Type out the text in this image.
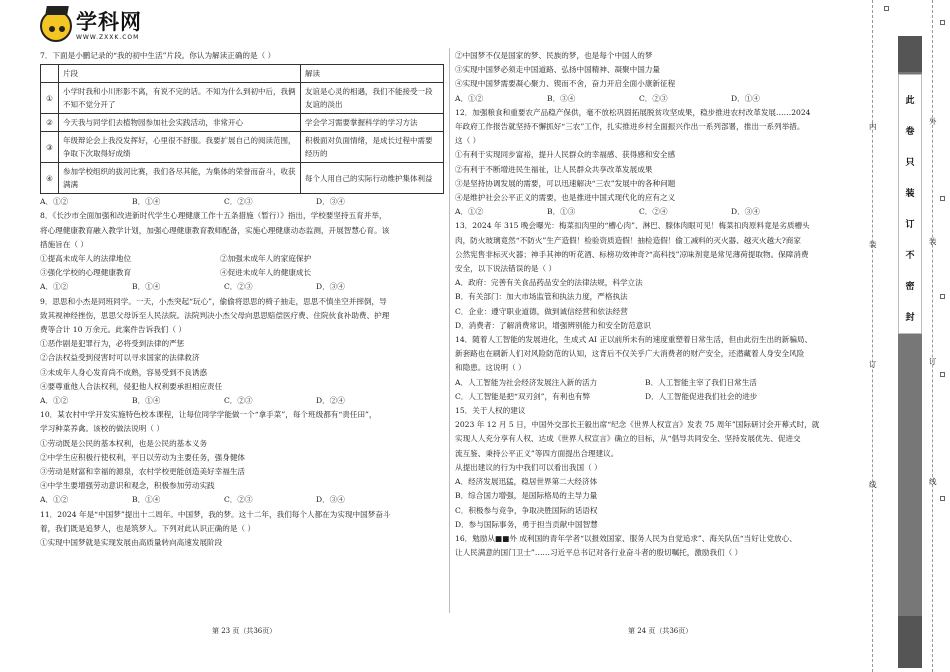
学科网
WWW.ZXXK.COM
7．下面是小鹏记录的“我的初中生活”片段。你认为解读正确的是（ ）
	片段	解读
①	小学时我和小川形影不离，有说不完的话。不知为什么到初中后，我俩不知不觉分开了	友谊是心灵的相遇，我们不能接受一段友谊的淡出
②	今天我与同学们去植物园参加社会实践活动，非常开心	学会学习需要掌握科学的学习方法
③	年级辩论会上我没发挥好，心里很不舒服。我要扩展自己的阅读范围，争取下次取得好成绩	积极面对负面情绪，是成长过程中需要经历的
④	参加学校组织的拔河比赛，我们各尽其能，为集体的荣誉而奋斗，收获满满	每个人用自己的实际行动维护集体利益
A．①②	B．①④	C．②③	D．③④
8．《长沙市全面加强和改进新时代学生心理健康工作十五条措施（暂行）》指出，学校要坚持五育并举，
将心理健康教育融入教学计划，加强心理健康教育教师配备，实施心理健康动态监测，开展智慧心育。该
措施旨在（ ）
①提高未成年人的法律地位	②加强未成年人的家庭保护
③强化学校的心理健康教育	④促进未成年人的健康成长
A．①②	B．①④	C．②③	D．③④
9．思思和小杰是同班同学。一天，小杰突起“玩心”，偷偷将思思的椅子抽走，思思不慎坐空并摔倒，导
致其视神经挫伤，思思父母诉至人民法院。法院判决小杰父母向思思赔偿医疗费、住院伙食补助费、护理
费等合计 10 万余元。此案件告诉我们（ ）
①恶作剧是犯罪行为，必将受到法律的严惩
②合法权益受到侵害时可以寻求国家的法律救济
③未成年人身心发育尚不成熟，容易受到不良诱惑
④要尊重他人合法权利，侵犯他人权利要承担相应责任
A．①②	B．①④	C．②③	D．②④
10．某农村中学开发实施特色校本课程，让每位同学学能做一个“拿手菜”，每个班级都有“责任田”，
学习种菜养禽。该校的做法说明（ ）
①劳动既是公民的基本权利，也是公民的基本义务
②中学生应积极行使权利，平日以劳动为主要任务，强身健体
③劳动是财富和幸福的源泉，农村学校更能创造美好幸福生活
④中学生要增强劳动意识和观念，积极参加劳动实践
A．①②	B．①④	C．②③	D．③④
11．2024 年是“中国梦”提出十二周年。中国梦，我的梦。这十二年，我们每个人都在为实现中国梦奋斗
着，我们既是追梦人，也是筑梦人。下列对此认识正确的是（ ）
①实现中国梦就是实现发展由高质量转向高速发展阶段
②中国梦不仅是国家的梦、民族的梦，也是每个中国人的梦
③实现中国梦必须走中国道路、弘扬中国精神、凝聚中国力量
④实现中国梦需要凝心聚力、锲而不舍，奋力开启全面小康新征程
A．①②	B．③④	C．②③	D．①④
12．加强粮食和重要农产品稳产保供，毫不放松巩固拓展脱贫攻坚成果，稳步推进农村改革发展……2024
年政府工作报告就坚持不懈抓好“三农”工作，扎实推进乡村全面振兴作出一系列部署，推出一系列举措。
这（ ）
①有利于实现同步富裕，提升人民群众的幸福感、获得感和安全感
②有利于不断增进民生福祉，让人民群众共享改革发展成果
③是坚持协调发展的需要，可以迅速解决“三农”发展中的各种问题
④是维护社会公平正义的需要，也是推进中国式现代化的应有之义
A．①②	B．①③	C．②④	D．③④
13．2024 年 315 晚会曝光：梅菜扣肉里的“槽心肉”、淋巴、腺体肉眼可见！梅菜扣肉原料竟是劣质槽头
肉，防火玻璃竟然“不防火”生产造假！检验资质造假！抽检造假！偷工减料的灭火器、越灭火越大?商家
公然宪售非标灭火器；神手其神的听花酒、标榜功效神奇?“高科技”凉味剂竟是常见薄荷提取物。保障消费
安全，以下说法错误的是（ ）
A．政府：完善有关食品药品安全的法律法规，科学立法
B．有关部门：加大市场监管和执法力度，严格执法
C．企业：遵守职业道德，做到诚信经营和依法经营
D．消费者：了解消费常识，增强辨别能力和安全防范意识
14．随着人工智能的发展进化，生成式 AI 正以前所未有的速度重塑着日常生活，但由此衍生出的新骗局、
新套路也在刷新人们对风险防范的认知，这背后不仅关乎广大消费者的财产安全，还潜藏着人身安全风险
和隐患。这说明（ ）
A．人工智能为社会经济发展注入新的活力	B．人工智能主宰了我们日常生活
C．人工智能是把“双刃剑”，有利也有弊	D．人工智能促进我们社会的进步
15．关于人权的建议
2023 年 12 月 5 日，中国外交部长王毅出席“纪念《世界人权宣言》发表 75 周年”国际研讨会开幕式时，就
实现人人充分享有人权、达成《世界人权宣言》确立的目标，从“倡导共同安全、坚持发展优先、促进交
流互鉴、秉持公平正义”等四方面提出合理建议。
从提出建议的行为中我们可以看出我国（ ）
A．经济发展迅猛，稳居世界第二大经济体
B．综合国力增强，是国际格局的主导力量
C．积极参与竞争，争取决胜国际的话语权
D．参与国际事务，勇于担当贡献中国智慧
16．勉励从■■外 成利国的青年学者“以报效国家、服务人民为自觉追求”、海关队伍“当好让党放心、
让人民满意的国门卫士”……习近平总书记对各行业奋斗者的殷切嘱托，激励我们（ ）
第 23 页（共36页）	第 24 页（共36页）
内
装
订
线
外
装
订
线
此
卷
只
装
订
不
密
封
